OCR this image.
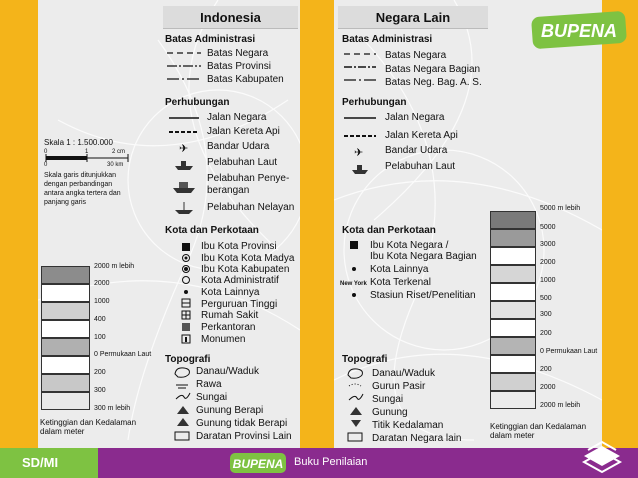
Indonesia	Negara Lain
Batas Administrasi
Batas Negara
Batas Provinsi
Batas Kabupaten
Perhubungan
✈
Jalan Negara
Jalan Kereta Api
Bandar Udara
Pelabuhan Laut
Pelabuhan Penye-
berangan
Pelabuhan Nelayan
Skala 1 : 1.500.000
0	1	2 cm
0	30 km
Skala garis ditunjukkan
dengan perbandingan
antara angka tertera dan
panjang garis
2000 m lebih
2000
1000
400
100
0 Permukaan Laut
200
300
300 m lebih
Ketinggian dan Kedalaman
dalam meter
Kota dan Perkotaan
Ibu Kota Provinsi
Ibu Kota Kota Madya
Ibu Kota Kabupaten
Kota Administratif
Kota Lainnya
Perguruan Tinggi
Rumah Sakit
Perkantoran
Monumen
Topografi
Danau/Waduk
Rawa
Sungai
Gunung Berapi
Gunung tidak Berapi
Daratan Provinsi Lain
Batas Administrasi
Batas Negara
Batas Negara Bagian
Batas Neg. Bag. A. S.
Perhubungan
✈
Jalan Negara
Jalan Kereta Api
Bandar Udara
Pelabuhan Laut
Kota dan Perkotaan
Ibu Kota Negara /
Ibu Kota Negara Bagian
Kota Lainnya
New York Kota Terkenal
Stasiun Riset/Penelitian
5000 m lebih
5000
3000
2000
1000
500
300
200
0 Permukaan Laut
200
2000
2000 m lebih
Ketinggian dan Kedalaman
dalam meter
Topografi
Danau/Waduk
Gurun Pasir
Sungai
Gunung
Titik Kedalaman
Daratan Negara lain
BUPENA
SD/MI	BUPENA Buku Penilaian
